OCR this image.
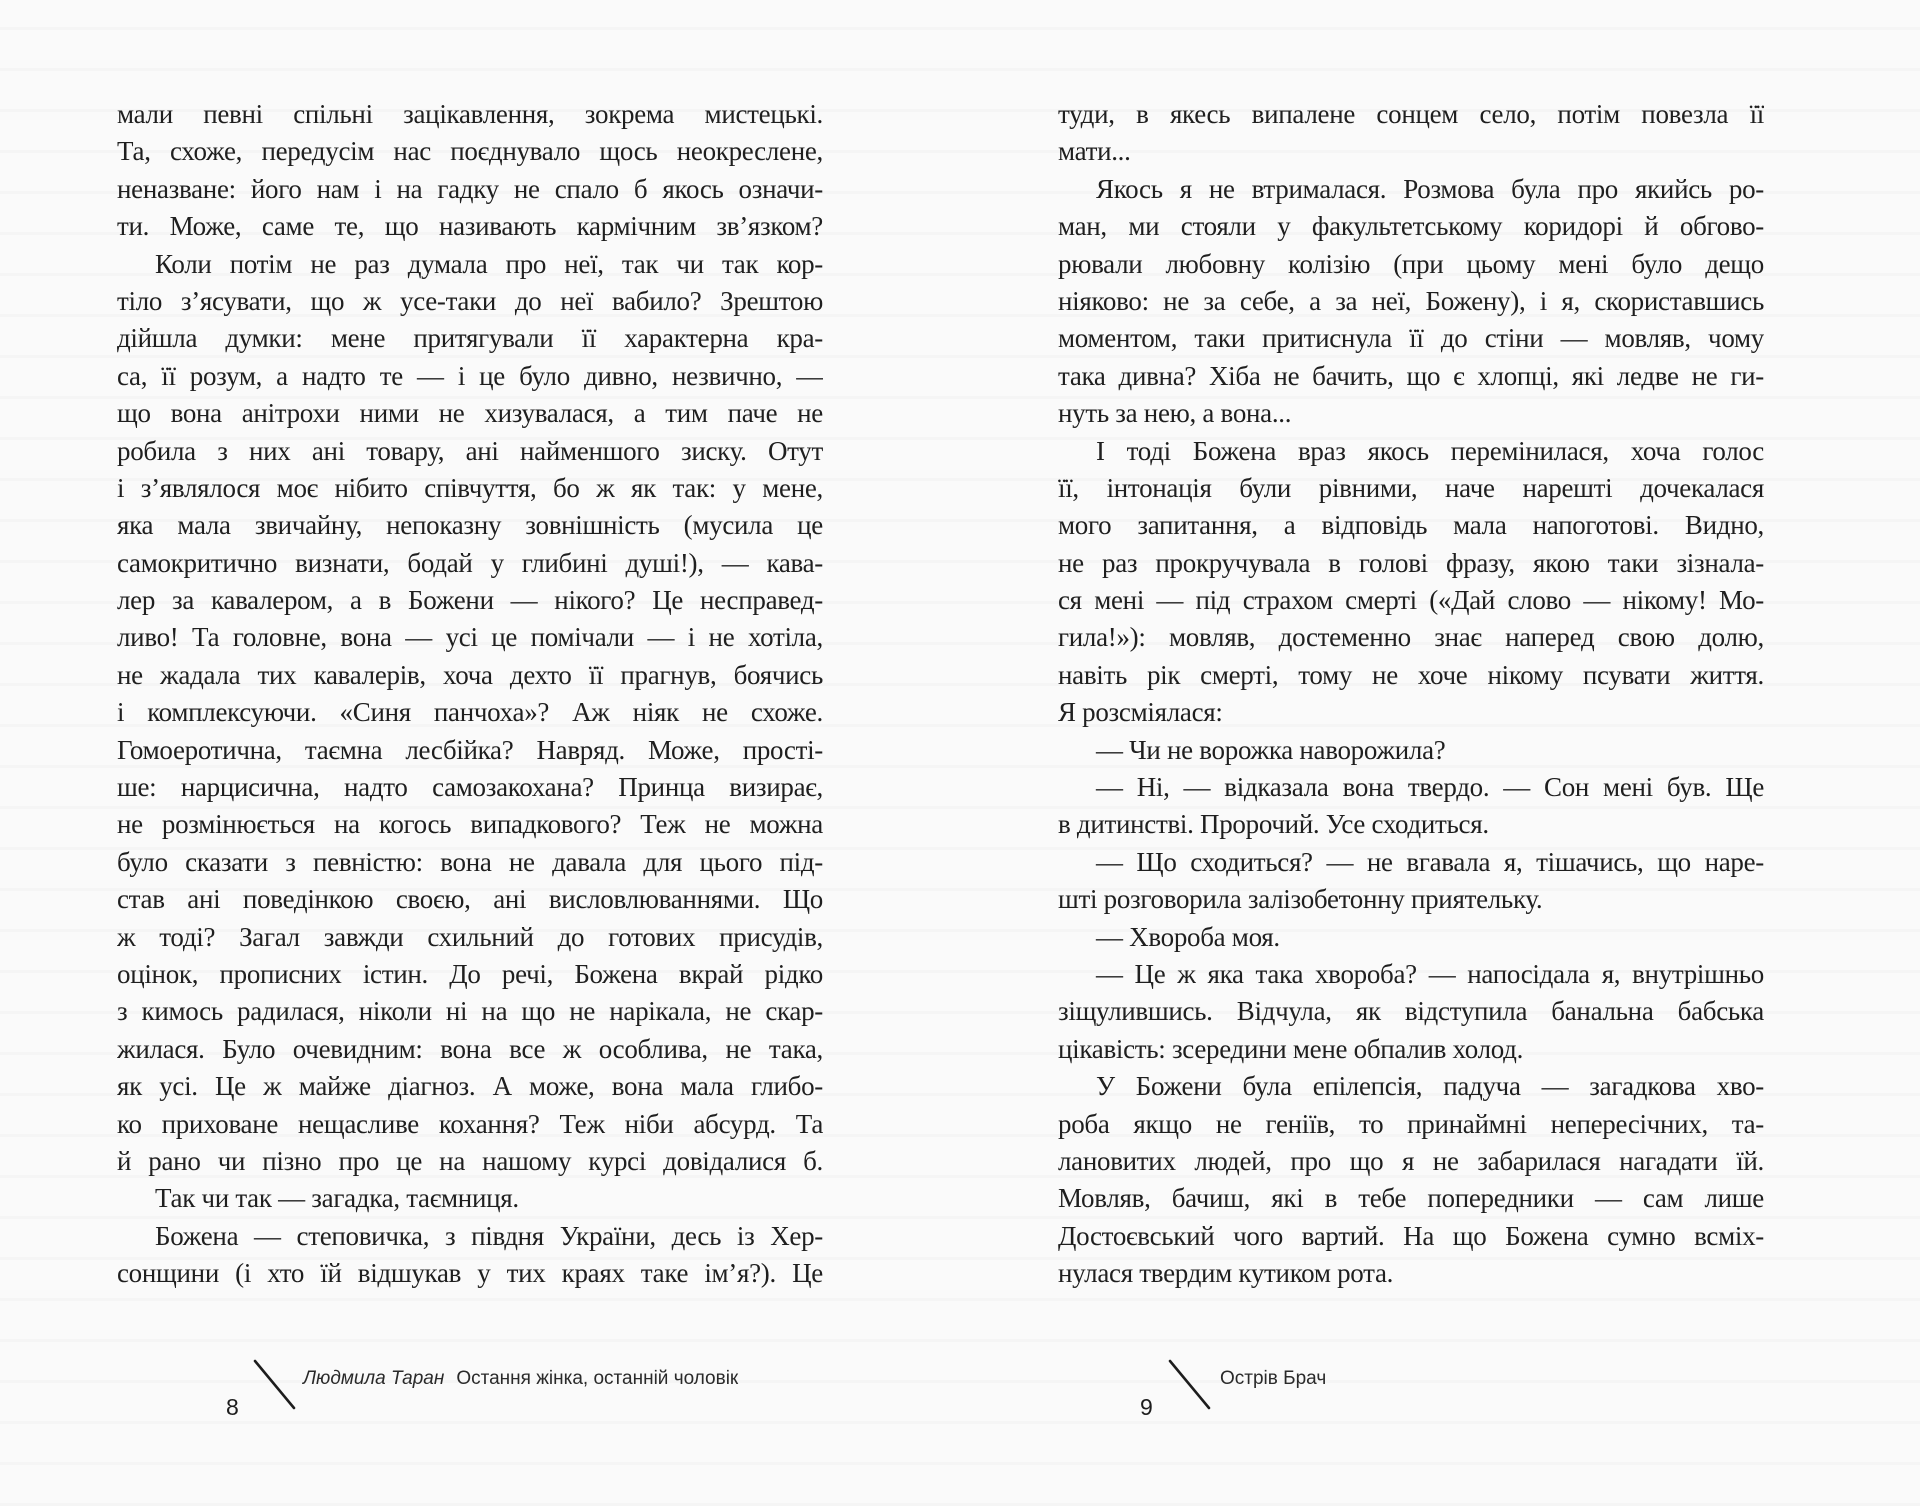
мали певні спільні зацікавлення, зокрема мистецькі.
Та, схоже, передусім нас поєднувало щось неокреслене,
неназване: його нам і на гадку не спало б якось означи-
ти. Може, саме те, що називають кармічним зв’язком?
Коли потім не раз думала про неї, так чи так кор-
тіло з’ясувати, що ж усе-таки до неї вабило? Зрештою
дійшла думки: мене притягували її характерна кра-
са, її розум, а надто те — і це було дивно, незвично, —
що вона анітрохи ними не хизувалася, а тим паче не
робила з них ані товару, ані найменшого зиску. Отут
і з’являлося моє нібито співчуття, бо ж як так: у мене,
яка мала звичайну, непоказну зовнішність (мусила це
самокритично визнати, бодай у глибині душі!), — кава-
лер за кавалером, а в Божени — нікого? Це несправед-
ливо! Та головне, вона — усі це помічали — і не хотіла,
не жадала тих кавалерів, хоча дехто її прагнув, боячись
і комплексуючи. «Синя панчоха»? Аж ніяк не схоже.
Гомоеротична, таємна лесбійка? Навряд. Може, прості-
ше: нарцисична, надто самозакохана? Принца визирає,
не розмінюється на когось випадкового? Теж не можна
було сказати з певністю: вона не давала для цього під-
став ані поведінкою своєю, ані висловлюваннями. Що
ж тоді? Загал завжди схильний до готових присудів,
оцінок, прописних істин. До речі, Божена вкрай рідко
з кимось радилася, ніколи ні на що не нарікала, не скар-
жилася. Було очевидним: вона все ж особлива, не така,
як усі. Це ж майже діагноз. А може, вона мала глибо-
ко приховане нещасливе кохання? Теж ніби абсурд. Та
й рано чи пізно про це на нашому курсі довідалися б.
Так чи так — загадка, таємниця.
Божена — степовичка, з півдня України, десь із Хер-
сонщини (і хто їй відшукав у тих краях таке ім’я?). Це
туди, в якесь випалене сонцем село, потім повезла її
мати...
Якось я не втрималася. Розмова була про якийсь ро-
ман, ми стояли у факультетському коридорі й обгово-
рювали любовну колізію (при цьому мені було дещо
ніяково: не за себе, а за неї, Божену), і я, скориставшись
моментом, таки притиснула її до стіни — мовляв, чому
така дивна? Хіба не бачить, що є хлопці, які ледве не ги-
нуть за нею, а вона...
І тоді Божена враз якось перемінилася, хоча голос
її, інтонація були рівними, наче нарешті дочекалася
мого запитання, а відповідь мала напоготові. Видно,
не раз прокручувала в голові фразу, якою таки зізнала-
ся мені — під страхом смерті («Дай слово — нікому! Мо-
гила!»): мовляв, достеменно знає наперед свою долю,
навіть рік смерті, тому не хоче нікому псувати життя.
Я розсміялася:
— Чи не ворожка наворожила?
— Ні, — відказала вона твердо. — Сон мені був. Ще
в дитинстві. Пророчий. Усе сходиться.
— Що сходиться? — не вгавала я, тішачись, що наре-
шті розговорила залізобетонну приятельку.
— Хвороба моя.
— Це ж яка така хвороба? — напосідала я, внутрішньо
зіщулившись. Відчула, як відступила банальна бабська
цікавість: зсередини мене обпалив холод.
У Божени була епілепсія, падуча — загадкова хво-
роба якщо не геніїв, то принаймні непересічних, та-
лановитих людей, про що я не забарилася нагадати їй.
Мовляв, бачиш, які в тебе попередники — сам лише
Достоєвський чого вартий. На що Божена сумно всміх-
нулася твердим кутиком рота.
8
Людмила Таран Остання жінка, останній чоловік
9
Острів Брач
